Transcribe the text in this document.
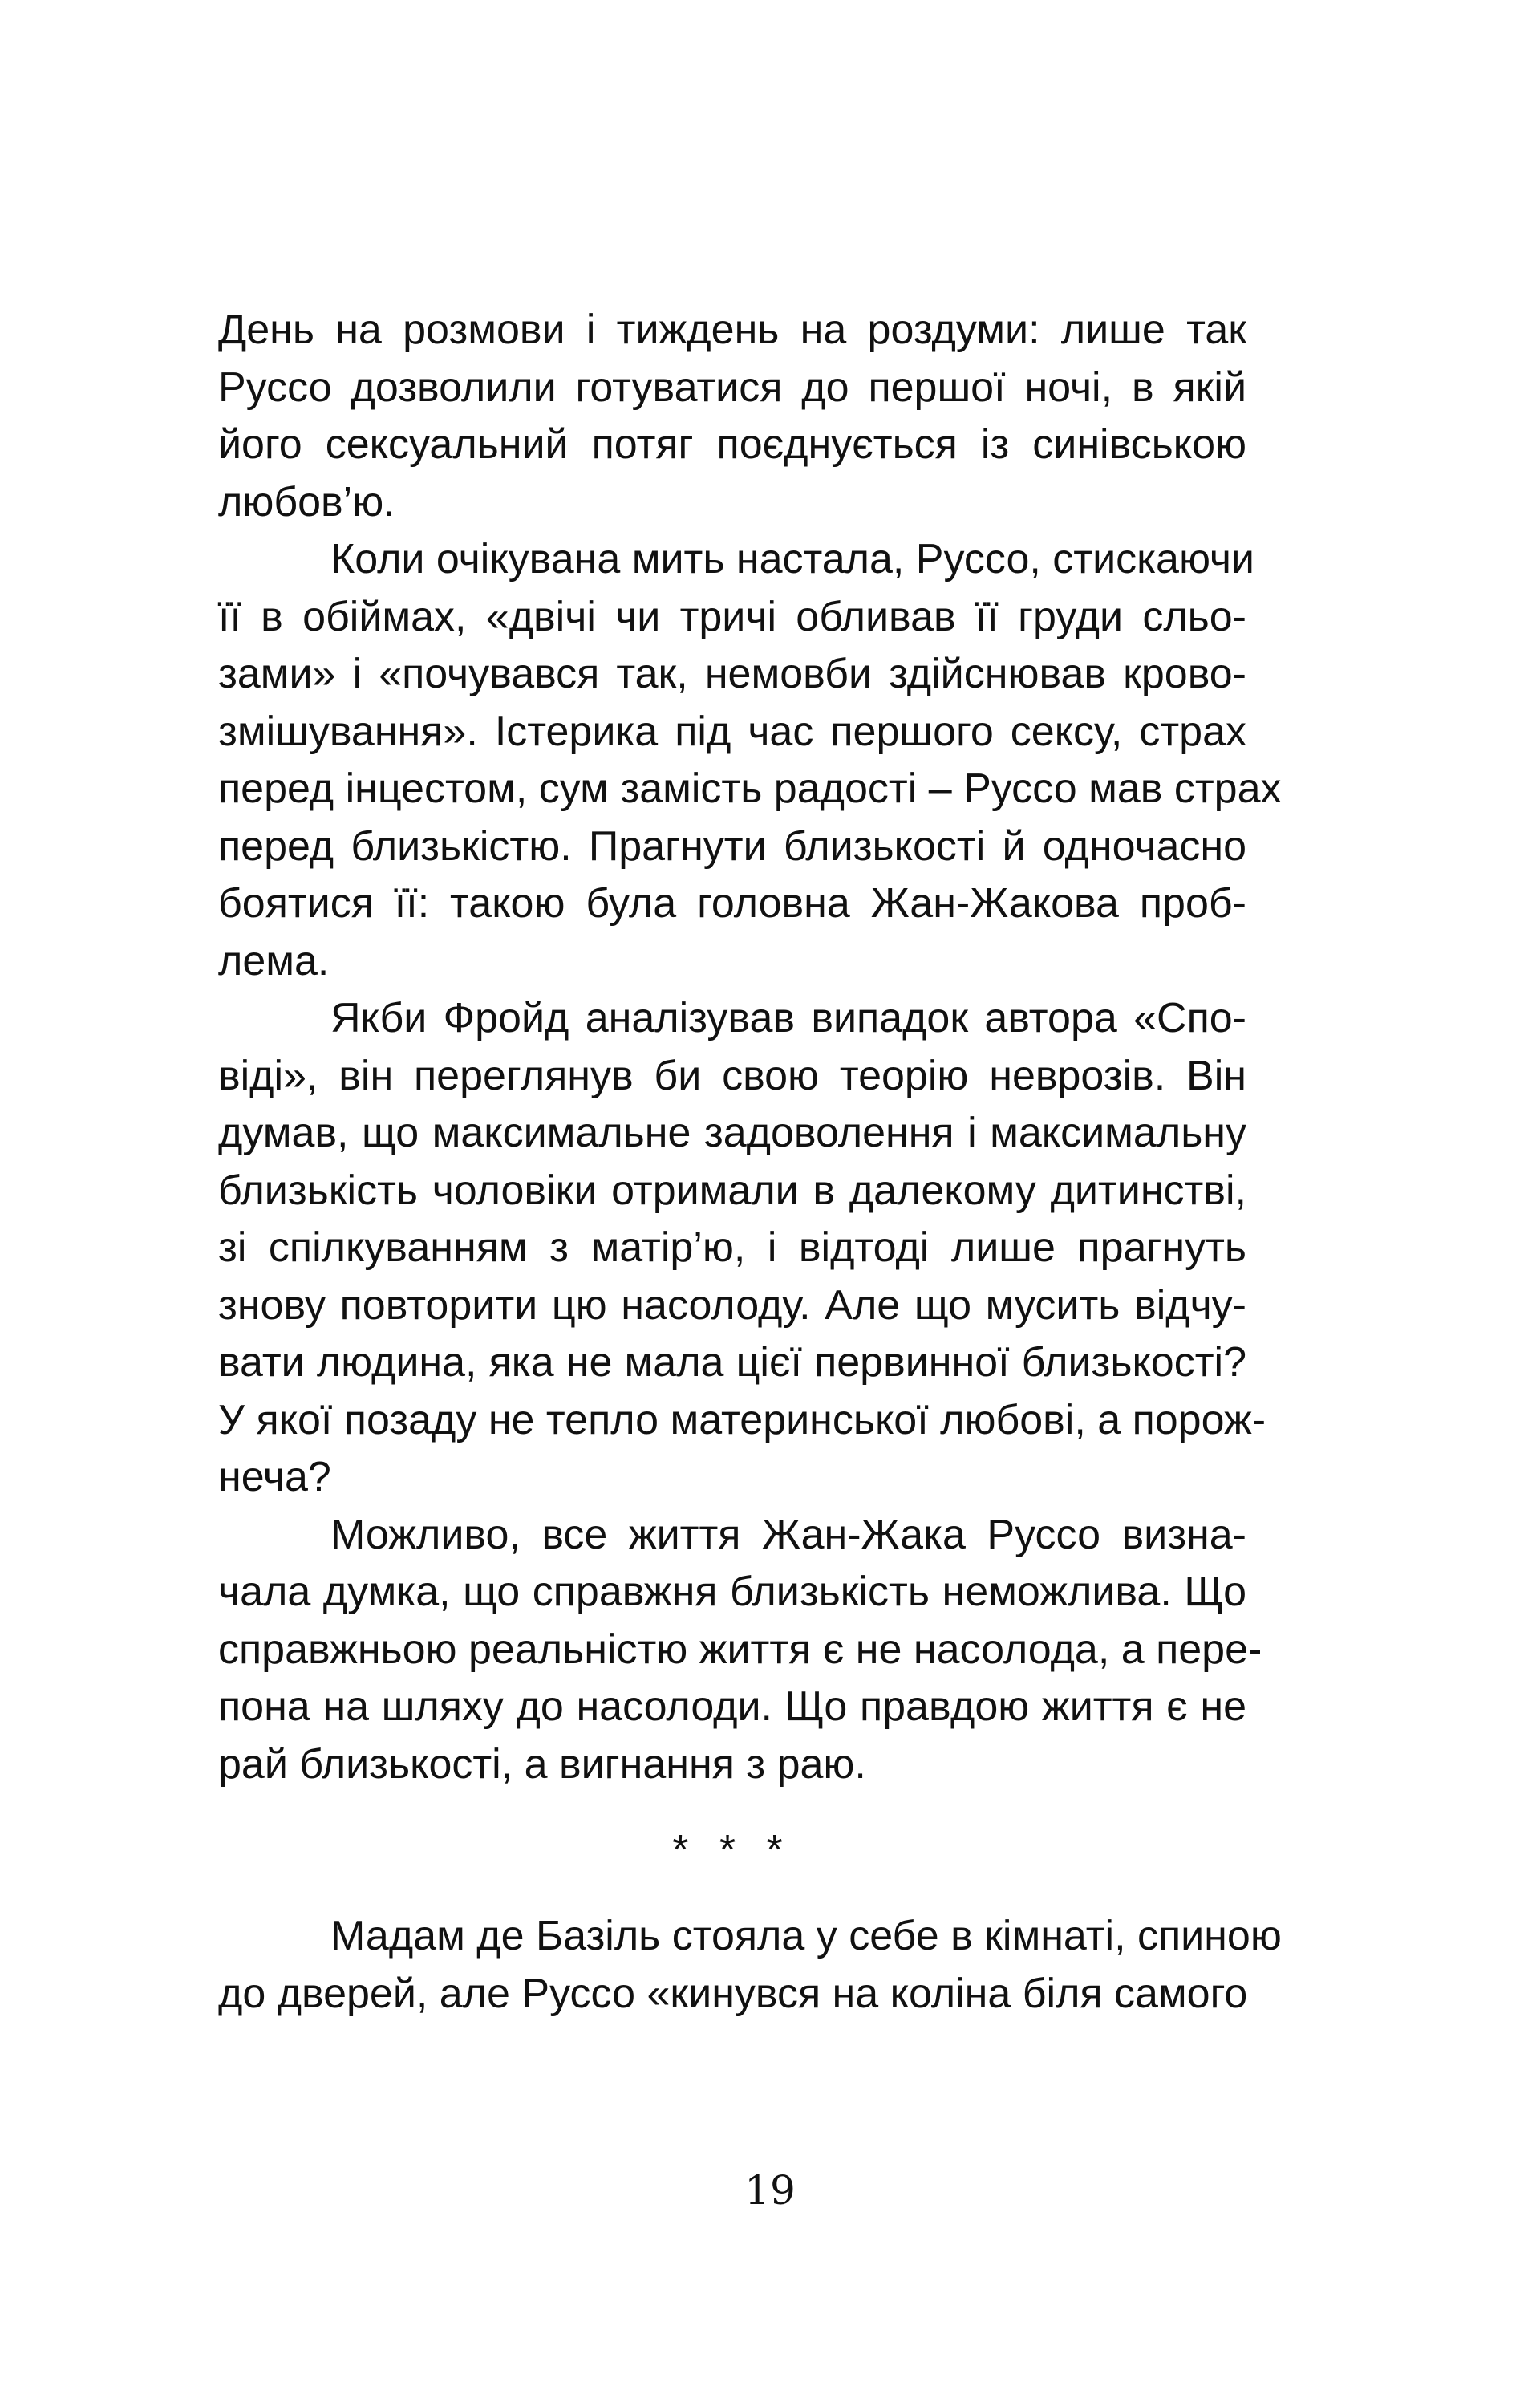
День на розмови і тиждень на роздуми: лише так
Руссо дозволили готуватися до першої ночі, в якій
його сексуальний потяг поєднується із синівською
любов’ю.
Коли очікувана мить настала, Руссо, стискаючи
її в обіймах, «двічі чи тричі обливав її груди сльо-
зами» і «почувався так, немовби здійснював крово-
змішування». Істерика під час першого сексу, страх
перед інцестом, сум замість радості – Руссо мав страх
перед близькістю. Прагнути близькості й одночасно
боятися її: такою була головна Жан-Жакова проб-
лема.
Якби Фройд аналізував випадок автора «Спо-
віді», він переглянув би свою теорію неврозів. Він
думав, що максимальне задоволення і максимальну
близькість чоловіки отримали в далекому дитинстві,
зі спілкуванням з матір’ю, і відтоді лише прагнуть
знову повторити цю насолоду. Але що мусить відчу-
вати людина, яка не мала цієї первинної близькості?
У якої позаду не тепло материнської любові, а порож-
неча?
Можливо, все життя Жан-Жака Руссо визна-
чала думка, що справжня близькість неможлива. Що
справжньою реальністю життя є не насолода, а пере-
пона на шляху до насолоди. Що правдою життя є не
рай близькості, а вигнання з раю.
* * *
Мадам де Базіль стояла у себе в кімнаті, спиною
до дверей, але Руссо «кинувся на коліна біля самого
19
